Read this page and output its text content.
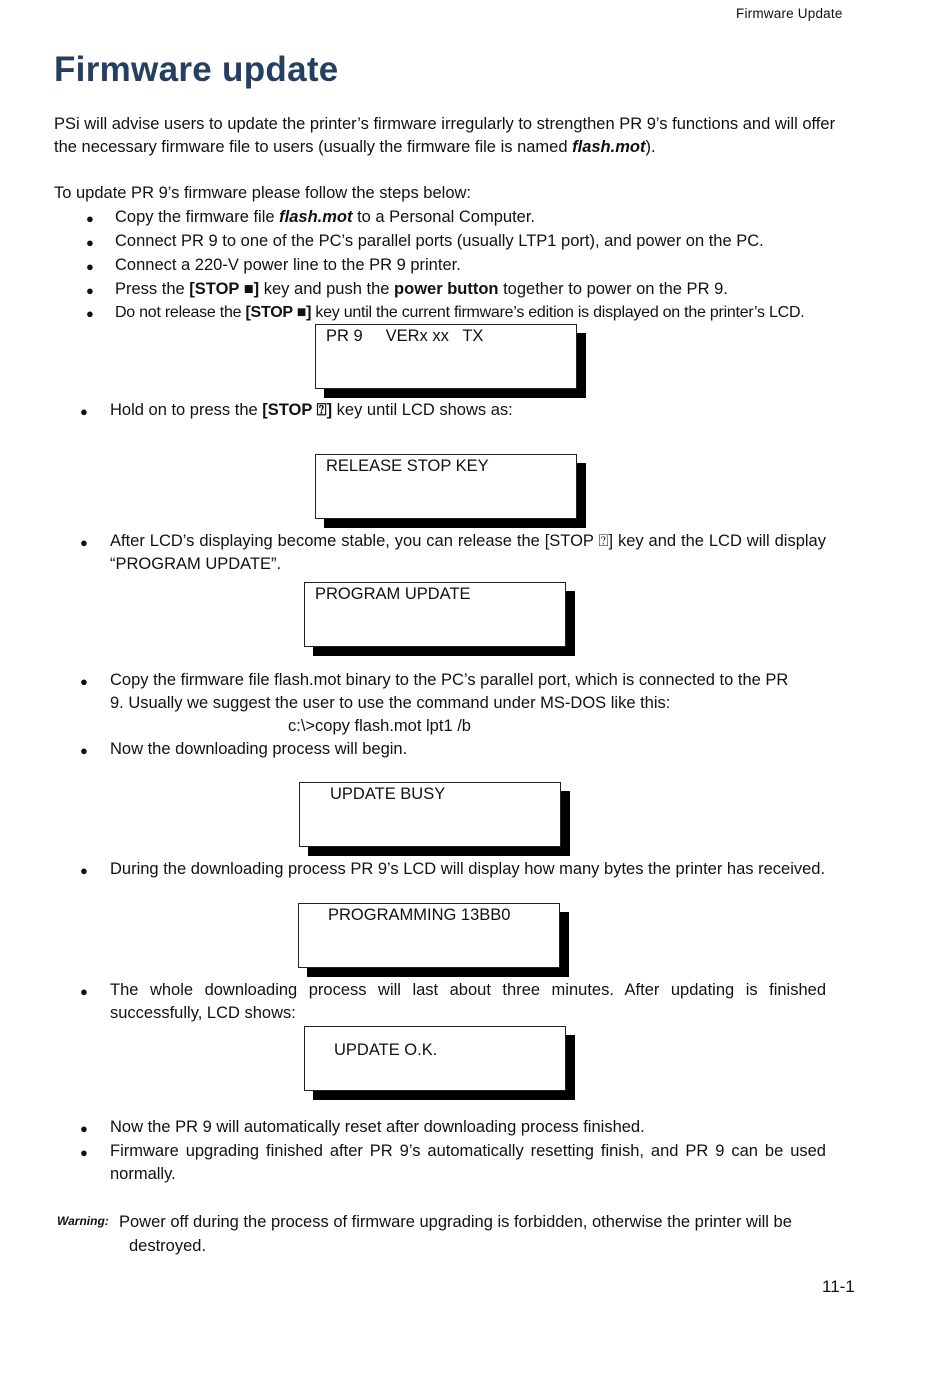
Firmware Update
Firmware update
PSi will advise users to update the printer’s firmware irregularly to strengthen PR 9’s functions and will offer
the necessary firmware file to users (usually the firmware file is named flash.mot).
To update PR 9’s firmware please follow the steps below:
● Copy the firmware file flash.mot to a Personal Computer.
● Connect PR 9 to one of the PC’s parallel ports (usually LTP1 port), and power on the PC.
● Connect a 220-V power line to the PR 9 printer.
● Press the [STOP ■] key and push the power button together to power on the PR 9.
● Do not release the [STOP ■] key until the current firmware’s edition is displayed on the printer’s LCD.
PR 9     VERx xx   TX
● Hold on to press the [STOP ⍰] key until LCD shows as:
RELEASE STOP KEY
● After LCD’s displaying become stable, you can release the [STOP ⍰] key and the LCD will display “PROGRAM UPDATE”.
PROGRAM UPDATE
● Copy the firmware file flash.mot binary to the PC’s parallel port, which is connected to the PR
9. Usually we suggest the user to use the command under MS-DOS like this:
c:\>copy flash.mot lpt1 /b
● Now the downloading process will begin.
UPDATE BUSY
● During the downloading process PR 9’s LCD will display how many bytes the printer has received.
PROGRAMMING 13BB0
● The whole downloading process will last about three minutes. After updating is finished successfully, LCD shows:
UPDATE O.K.
● Now the PR 9 will automatically reset after downloading process finished.
● Firmware upgrading finished after PR 9’s automatically resetting finish, and PR 9 can be used normally.
Warning: Power off during the process of firmware upgrading is forbidden, otherwise the printer will be
destroyed.
11-1
